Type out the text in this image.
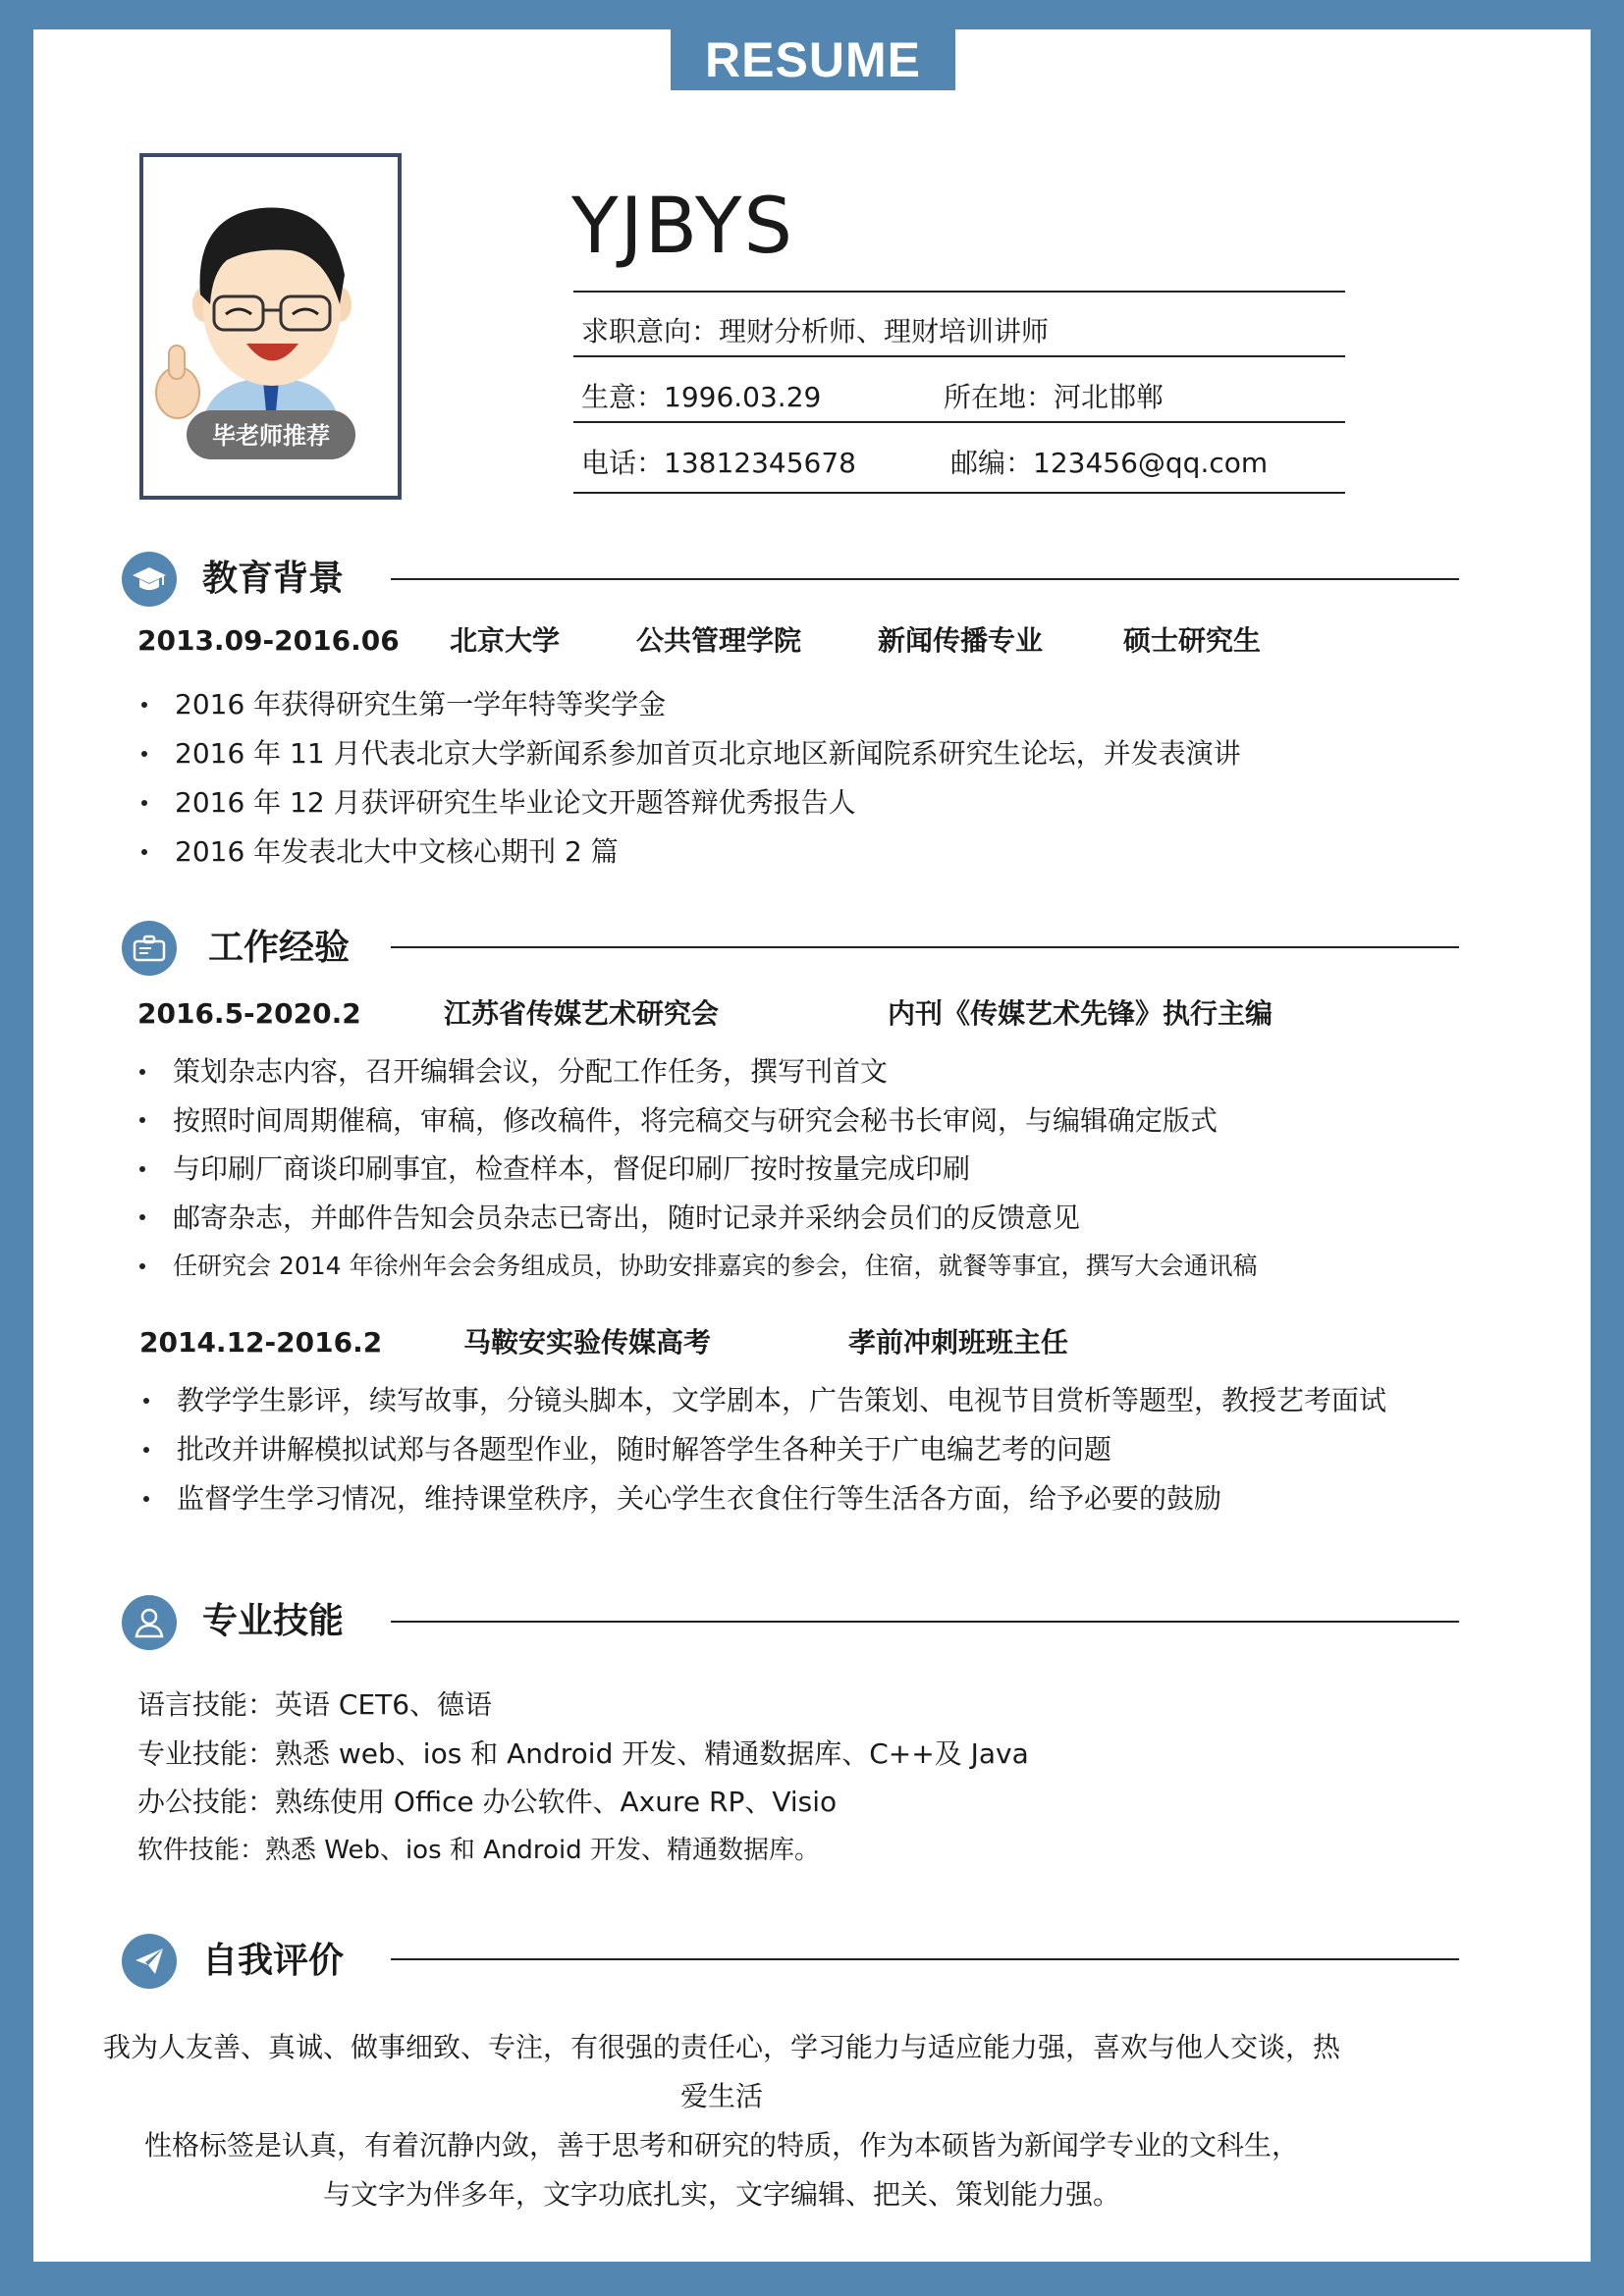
RESUME
毕老师推荐
YJBYS
求职意向：理财分析师、理财培训讲师
生意：1996.03.29	所在地：河北邯郸
电话：13812345678	邮编：123456@qq.com
教育背景
2013.09-2016.06 北京大学	公共管理学院	新闻传播专业	硕士研究生
2016 年获得研究生第一学年特等奖学金
2016 年 11 月代表北京大学新闻系参加首页北京地区新闻院系研究生论坛，并发表演讲
2016 年 12 月获评研究生毕业论文开题答辩优秀报告人
2016 年发表北大中文核心期刊 2 篇
工作经验
2016.5-2020.2	江苏省传媒艺术研究会	内刊《传媒艺术先锋》执行主编
策划杂志内容，召开编辑会议，分配工作任务，撰写刊首文
按照时间周期催稿，审稿，修改稿件，将完稿交与研究会秘书长审阅，与编辑确定版式
与印刷厂商谈印刷事宜，检查样本，督促印刷厂按时按量完成印刷
邮寄杂志，并邮件告知会员杂志已寄出，随时记录并采纳会员们的反馈意见
任研究会 2014 年徐州年会会务组成员，协助安排嘉宾的参会，住宿，就餐等事宜，撰写大会通讯稿
2014.12-2016.2	马鞍安实验传媒高考	孝前冲刺班班主任
教学学生影评，续写故事，分镜头脚本，文学剧本，广告策划、电视节目赏析等题型，教授艺考面试
批改并讲解模拟试郑与各题型作业，随时解答学生各种关于广电编艺考的问题
监督学生学习情况，维持课堂秩序，关心学生衣食住行等生活各方面，给予必要的鼓励
专业技能
语言技能：英语 CET6、德语
专业技能：熟悉 web、ios 和 Android 开发、精通数据库、C++及 Java
办公技能：熟练使用 Office 办公软件、Axure RP、Visio
软件技能：熟悉 Web、ios 和 Android 开发、精通数据库。
自我评价
我为人友善、真诚、做事细致、专注，有很强的责任心，学习能力与适应能力强，喜欢与他人交谈，热爱生活
性格标签是认真，有着沉静内敛，善于思考和研究的特质，作为本硕皆为新闻学专业的文科生，
与文字为伴多年，文字功底扎实，文字编辑、把关、策划能力强。
